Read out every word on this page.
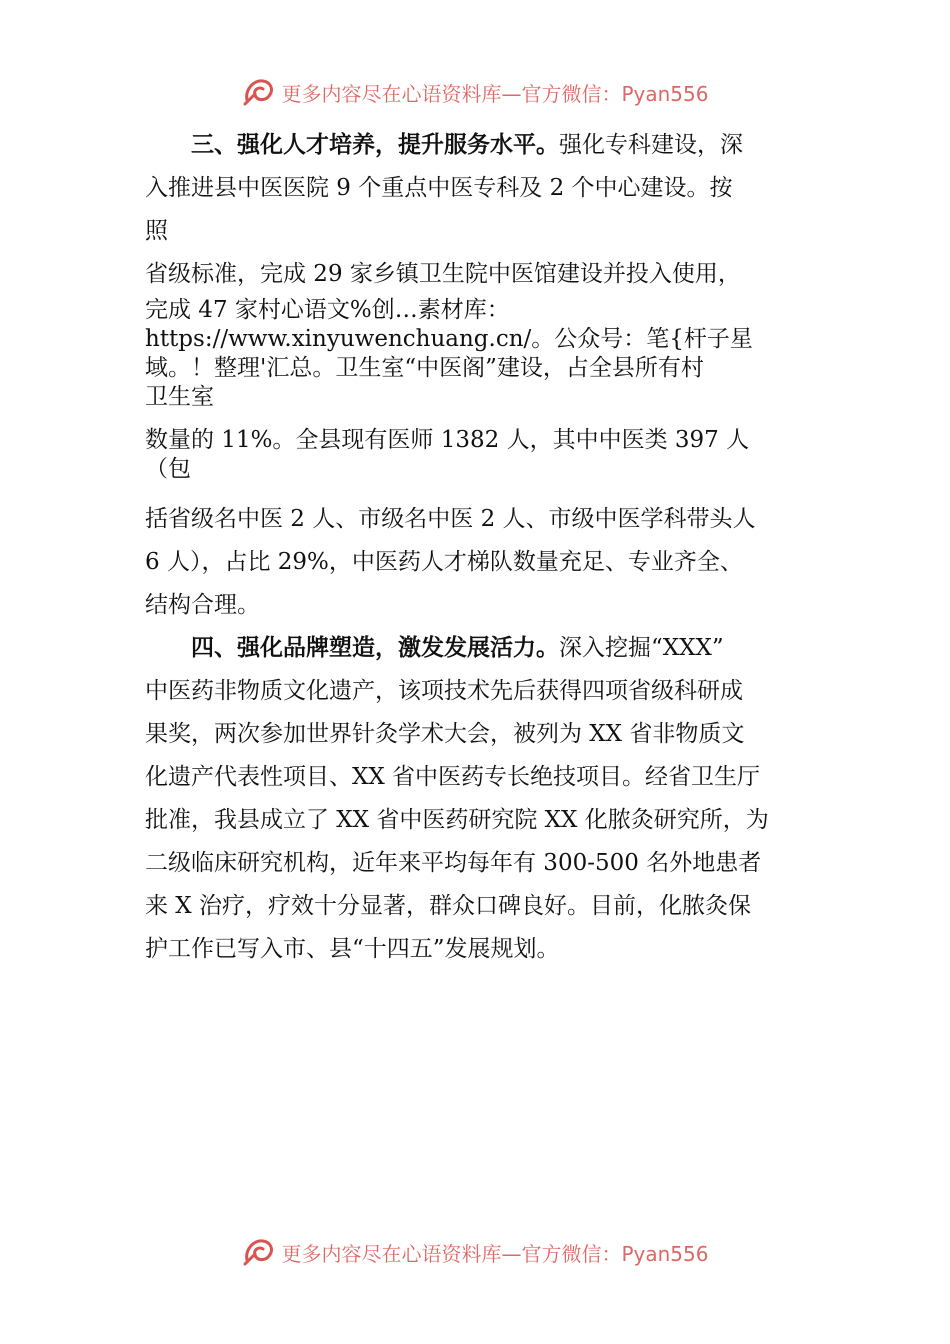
更多内容尽在心语资料库—官方微信：Pyan556

三、强化人才培养，提升服务水平。强化专科建设，深

入推进县中医医院 9 个重点中医专科及 2 个中心建设。按

照

省级标准，完成 29 家乡镇卫生院中医馆建设并投入使用，

完成 47 家村心语文%创…素材库：
https://www.xinyuwenchuang.cn/。公众号：笔{杆子星
域。！整理'汇总。卫生室“中医阁”建设，占全县所有村
卫生室

数量的 11%。全县现有医师 1382 人，其中中医类 397 人
（包

括省级名中医 2 人、市级名中医 2 人、市级中医学科带头人

6 人），占比 29%，中医药人才梯队数量充足、专业齐全、

结构合理。

四、强化品牌塑造，激发发展活力。深入挖掘“XXX”

中医药非物质文化遗产，该项技术先后获得四项省级科研成

果奖，两次参加世界针灸学术大会，被列为 XX 省非物质文

化遗产代表性项目、XX 省中医药专长绝技项目。经省卫生厅

批准，我县成立了 XX 省中医药研究院 XX 化脓灸研究所，为

二级临床研究机构，近年来平均每年有 300-500 名外地患者

来 X 治疗，疗效十分显著，群众口碑良好。目前，化脓灸保

护工作已写入市、县“十四五”发展规划。

更多内容尽在心语资料库—官方微信：Pyan556
